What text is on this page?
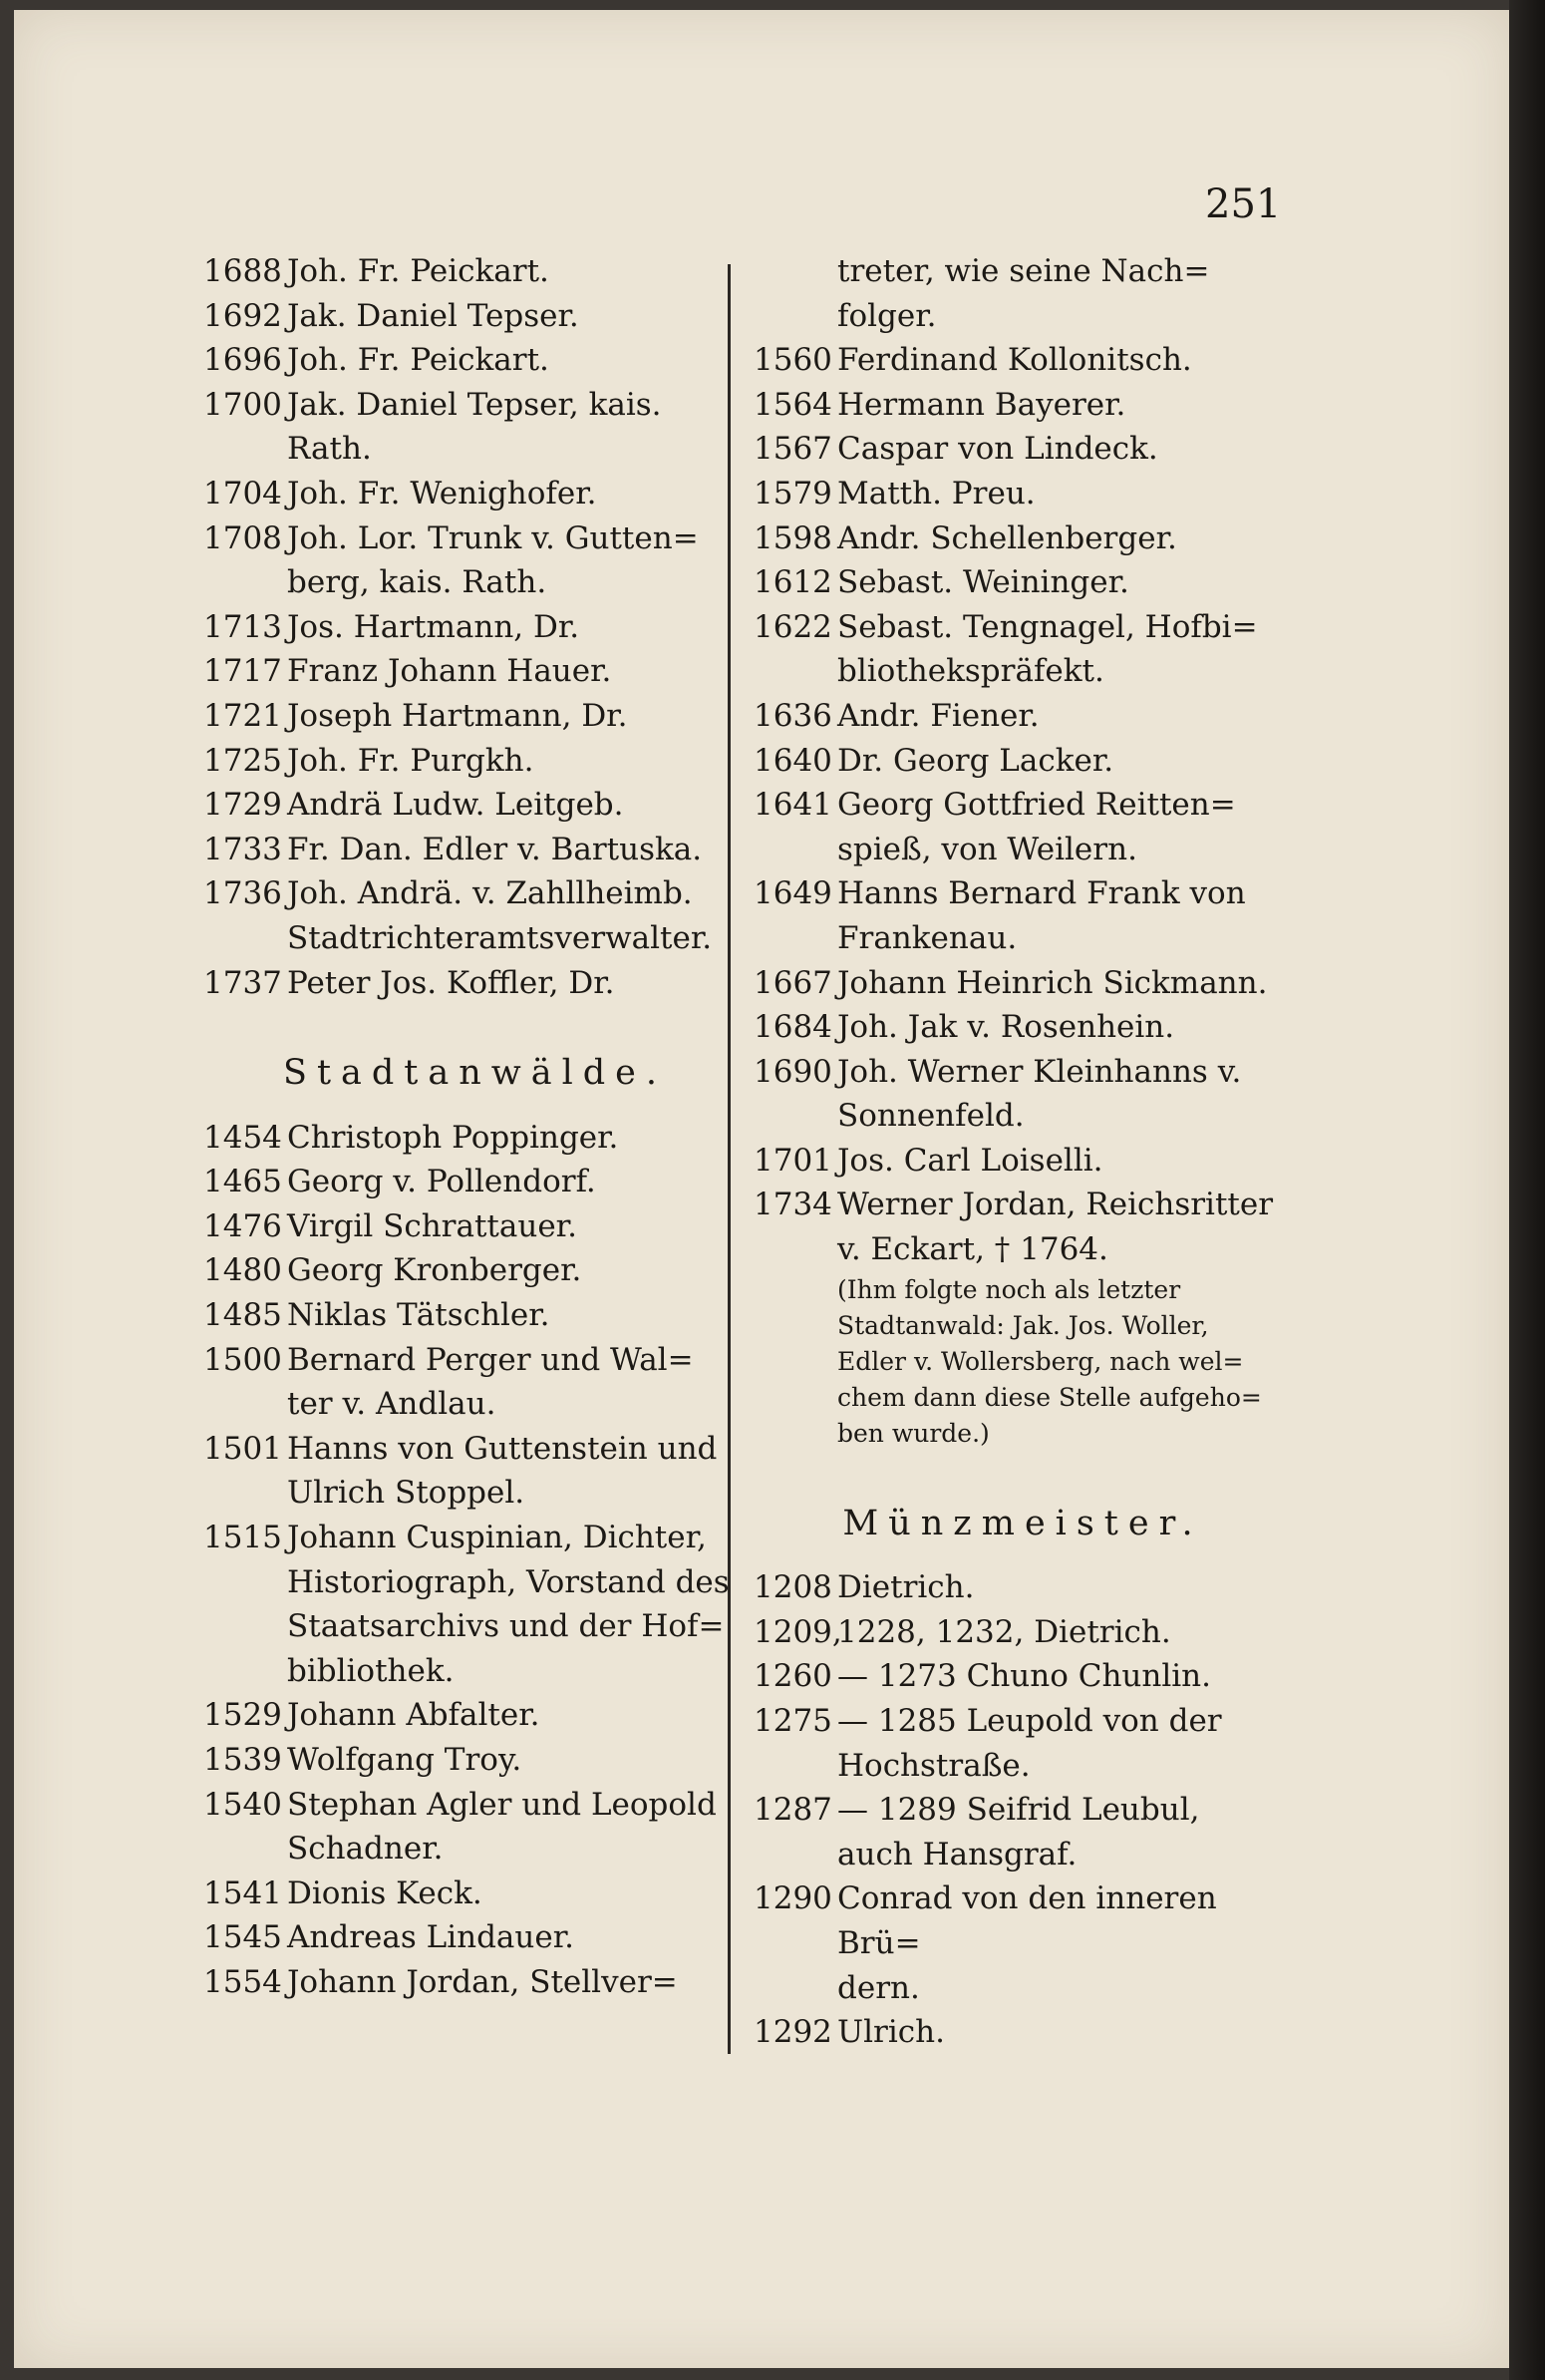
251
1688 Joh. Fr. Peickart.
1692 Jak. Daniel Tepser.
1696 Joh. Fr. Peickart.
1700 Jak. Daniel Tepser, kais.
Rath.
1704 Joh. Fr. Wenighofer.
1708 Joh. Lor. Trunk v. Gutten=
berg, kais. Rath.
1713 Jos. Hartmann, Dr.
1717 Franz Johann Hauer.
1721 Joseph Hartmann, Dr.
1725 Joh. Fr. Purgkh.
1729 Andrä Ludw. Leitgeb.
1733 Fr. Dan. Edler v. Bartuska.
1736 Joh. Andrä. v. Zahllheimb.
Stadtrichteramtsverwalter.
1737 Peter Jos. Koffler, Dr.
Stadtanwälde.
1454 Christoph Poppinger.
1465 Georg v. Pollendorf.
1476 Virgil Schrattauer.
1480 Georg Kronberger.
1485 Niklas Tätschler.
1500 Bernard Perger und Wal=
ter v. Andlau.
1501 Hanns von Guttenstein und
Ulrich Stoppel.
1515 Johann Cuspinian, Dichter,
Historiograph, Vorstand des
Staatsarchivs und der Hof=
bibliothek.
1529 Johann Abfalter.
1539 Wolfgang Troy.
1540 Stephan Agler und Leopold
Schadner.
1541 Dionis Keck.
1545 Andreas Lindauer.
1554 Johann Jordan, Stellver=
treter, wie seine Nach=
folger.
1560 Ferdinand Kollonitsch.
1564 Hermann Bayerer.
1567 Caspar von Lindeck.
1579 Matth. Preu.
1598 Andr. Schellenberger.
1612 Sebast. Weininger.
1622 Sebast. Tengnagel, Hofbi=
bliothekspräfekt.
1636 Andr. Fiener.
1640 Dr. Georg Lacker.
1641 Georg Gottfried Reitten=
spieß, von Weilern.
1649 Hanns Bernard Frank von
Frankenau.
1667 Johann Heinrich Sickmann.
1684 Joh. Jak v. Rosenhein.
1690 Joh. Werner Kleinhanns v.
Sonnenfeld.
1701 Jos. Carl Loiselli.
1734 Werner Jordan, Reichsritter
v. Eckart, † 1764.
(Ihm folgte noch als letzter
Stadtanwald: Jak. Jos. Woller,
Edler v. Wollersberg, nach wel=
chem dann diese Stelle aufgeho=
ben wurde.)
Münzmeister.
1208 Dietrich.
1209,
1228, 1232, Dietrich.
1260 — 1273 Chuno Chunlin.
1275 — 1285 Leupold von der
Hochstraße.
1287 — 1289 Seifrid Leubul,
auch Hansgraf.
1290 Conrad von den inneren Brü=
dern.
1292 Ulrich.
